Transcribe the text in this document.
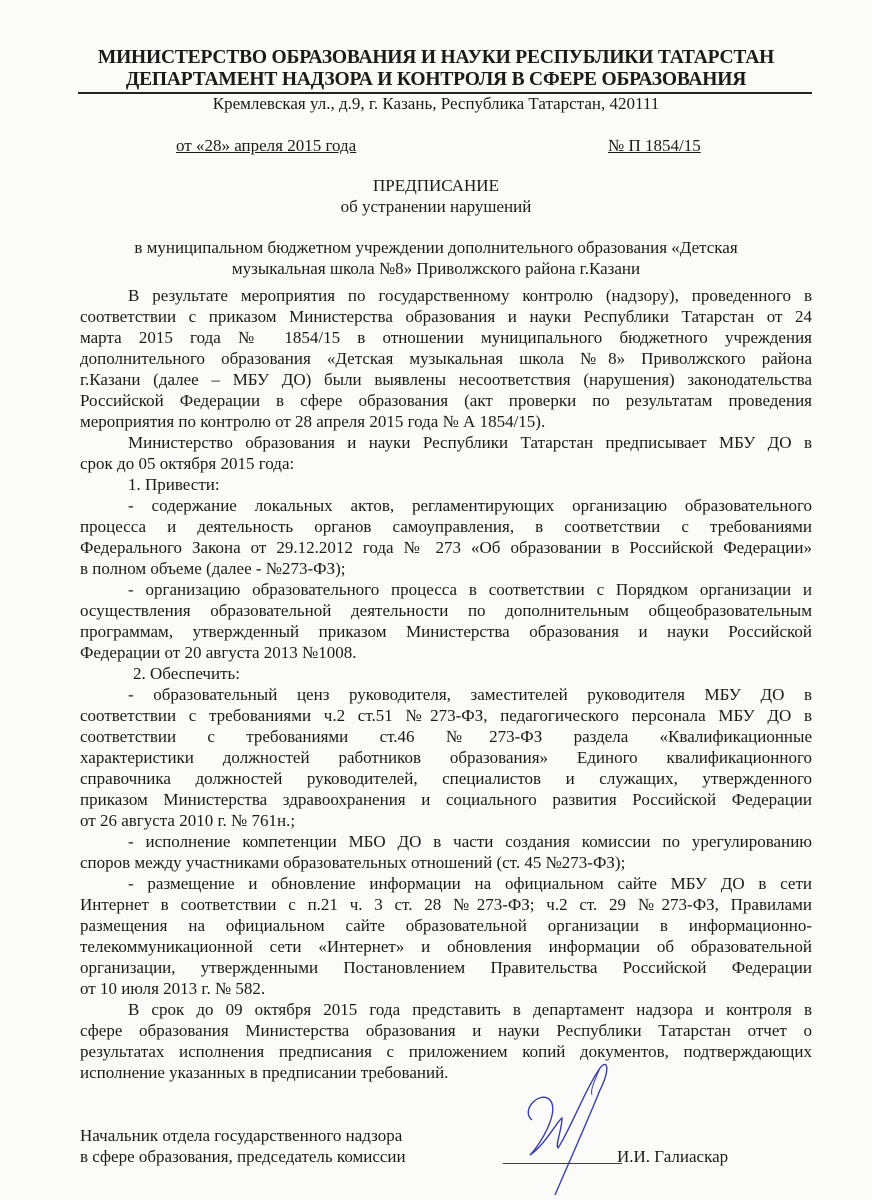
МИНИСТЕРСТВО ОБРАЗОВАНИЯ И НАУКИ РЕСПУБЛИКИ ТАТАРСТАН
ДЕПАРТАМЕНТ НАДЗОРА И КОНТРОЛЯ В СФЕРЕ ОБРАЗОВАНИЯ
Кремлевская ул., д.9, г. Казань, Республика Татарстан, 420111
от «28» апреля 2015 года	№ П 1854/15
ПРЕДПИСАНИЕ
об устранении нарушений
в муниципальном бюджетном учреждении дополнительного образования «Детская
музыкальная школа №8» Приволжского района г.Казани
В результате мероприятия по государственному контролю (надзору), проведенного в
соответствии с приказом Министерства образования и науки Республики Татарстан от 24
марта 2015 года № 1854/15 в отношении муниципального бюджетного учреждения
дополнительного образования «Детская музыкальная школа №8» Приволжского района
г.Казани (далее – МБУ ДО) были выявлены несоответствия (нарушения) законодательства
Российской Федерации в сфере образования (акт проверки по результатам проведения
мероприятия по контролю от 28 апреля 2015 года № А 1854/15).
Министерство образования и науки Республики Татарстан предписывает МБУ ДО в
срок до 05 октября 2015 года:
1. Привести:
- содержание локальных актов, регламентирующих организацию образовательного
процесса и деятельность органов самоуправления, в соответствии с требованиями
Федерального Закона от 29.12.2012 года № 273 «Об образовании в Российской Федерации»
в полном объеме (далее - №273-ФЗ);
- организацию образовательного процесса в соответствии с Порядком организации и
осуществления образовательной деятельности по дополнительным общеобразовательным
программам, утвержденный приказом Министерства образования и науки Российской
Федерации от 20 августа 2013 №1008.
2. Обеспечить:
- образовательный ценз руководителя, заместителей руководителя МБУ ДО в
соответствии с требованиями ч.2 ст.51 №273-ФЗ, педагогического персонала МБУ ДО в
соответствии с требованиями ст.46 №273-ФЗ раздела «Квалификационные
характеристики должностей работников образования» Единого квалификационного
справочника должностей руководителей, специалистов и служащих, утвержденного
приказом Министерства здравоохранения и социального развития Российской Федерации
от 26 августа 2010 г. № 761н.;
- исполнение компетенции МБО ДО в части создания комиссии по урегулированию
споров между участниками образовательных отношений (ст. 45 №273-ФЗ);
- размещение и обновление информации на официальном сайте МБУ ДО в сети
Интернет в соответствии с п.21 ч. 3 ст. 28 №273-ФЗ; ч.2 ст. 29 №273-ФЗ, Правилами
размещения на официальном сайте образовательной организации в информационно-
телекоммуникационной сети «Интернет» и обновления информации об образовательной
организации, утвержденными Постановлением Правительства Российской Федерации
от 10 июля 2013 г. № 582.
В срок до 09 октября 2015 года представить в департамент надзора и контроля в
сфере образования Министерства образования и науки Республики Татарстан отчет о
результатах исполнения предписания с приложением копий документов, подтверждающих
исполнение указанных в предписании требований.
Начальник отдела государственного надзора
в сфере образования, председатель комиссии	______________
И.И. Галиаскар
